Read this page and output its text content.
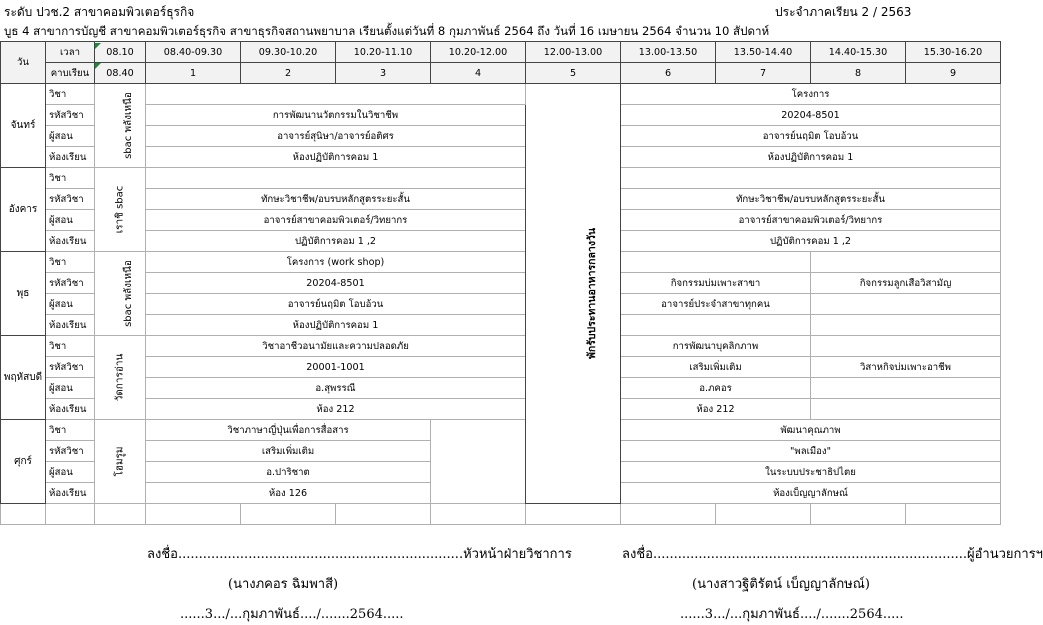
ระดับ ปวช.2 สาขาคอมพิวเตอร์ธุรกิจ	ประจำภาคเรียน 2 / 2563
บูธ 4 สาขาการบัญชี สาขาคอมพิวเตอร์ธุรกิจ สาขาธุรกิจสถานพยาบาล เรียนตั้งแต่วันที่ 8 กุมภาพันธ์ 2564 ถึง วันที่ 16 เมษายน 2564 จำนวน 10 สัปดาห์
วัน	เวลา	08.10	08.40-09.30	09.30-10.20	10.20-11.10	10.20-12.00	12.00-13.00	13.00-13.50	13.50-14.40	14.40-15.30	15.30-16.20
	คาบเรียน	08.40	1	2	3	4	5	6	7	8	9
จันทร์	วิชา	sbac พลังเหนือ					พักรับประทานอาหารกลางวัน	โครงการ			
	รหัสวิชา		การพัฒนานวัตกรรมในวิชาชีพ					20204-8501			
	ผู้สอน		อาจารย์สุนิษา/อาจารย์อติศร					อาจารย์นฤมิต โอบอ้วน			
	ห้องเรียน		ห้องปฏิบัติการคอม 1					ห้องปฏิบัติการคอม 1			
อังคาร	วิชา	เราชิ sbac									
	รหัสวิชา		ทักษะวิชาชีพ/อบรบหลักสูตรระยะสั้น					ทักษะวิชาชีพ/อบรบหลักสูตรระยะสั้น			
	ผู้สอน		อาจารย์สาขาคอมพิวเตอร์/วิทยากร					อาจารย์สาขาคอมพิวเตอร์/วิทยากร			
	ห้องเรียน		ปฏิบัติการคอม 1 ,2					ปฏิบัติการคอม 1 ,2			
พุธ	วิชา	sbac พลังเหนือ	โครงการ (work shop)								
	รหัสวิชา		20204-8501					กิจกรรมบ่มเพาะสาขา		กิจกรรมลูกเสือวิสามัญ	
	ผู้สอน		อาจารย์นฤมิต โอบอ้วน					อาจารย์ประจำสาขาทุกคน			
	ห้องเรียน		ห้องปฏิบัติการคอม 1								
พฤหัสบดี	วิชา	วัดการอ่าน	วิชาอาชีวอนามัยและความปลอดภัย					การพัฒนาบุคลิกภาพ			
	รหัสวิชา		20001-1001					เสริมเพิ่มเติม		วิสาหกิจบ่มเพาะอาชีพ	
	ผู้สอน		อ.สุพรรณี					อ.ภคอร			
	ห้องเรียน		ห้อง 212					ห้อง 212			
ศุกร์	วิชา	โฮมรูม	วิชาภาษาญี่ปุ่นเพื่อการสื่อสาร					พัฒนาคุณภาพ			
	รหัสวิชา		เสริมเพิ่มเติม					"พลเมือง"			
	ผู้สอน		อ.ปาริชาต					ในระบบประชาธิปไตย			
	ห้องเรียน		ห้อง 126					ห้องเบ็ญญาลักษณ์			

ลงชื่อ.....................................................................หัวหน้าฝ่ายวิชาการ
(นางภคอร ฉิมพาสี)
......3.../...กุมภาพันธ์..../.......2564.....
ลงชื่อ............................................................................ผู้อำนวยการฯ
(นางสาวฐิติรัตน์ เบ็ญญาลักษณ์)
......3.../...กุมภาพันธ์..../.......2564.....
